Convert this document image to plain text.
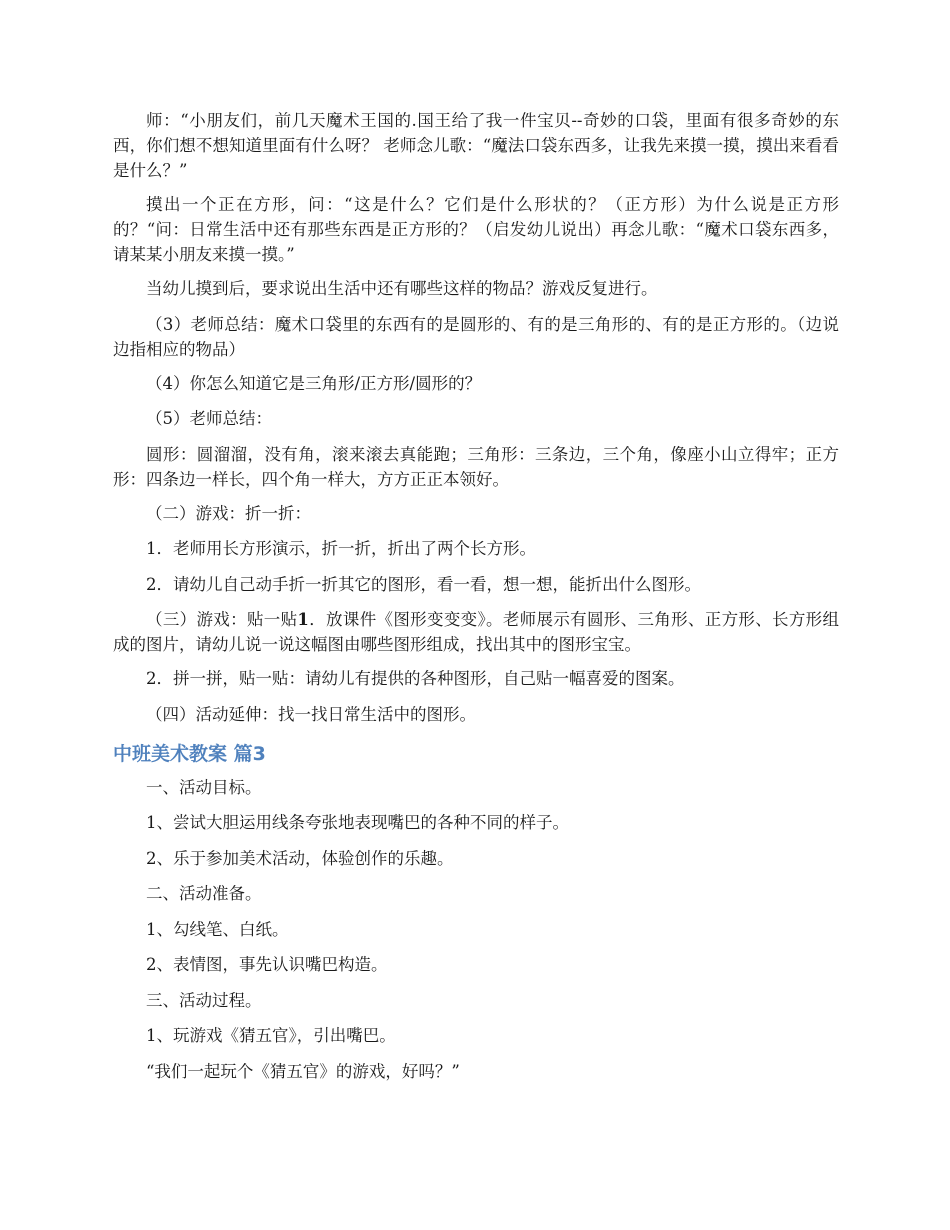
师：“小朋友们，前几天魔术王国的.国王给了我一件宝贝--奇妙的口袋，里面有很多奇妙的东西，你们想不想知道里面有什么呀？ 老师念儿歌：“魔法口袋东西多，让我先来摸一摸，摸出来看看是什么？”

摸出一个正在方形，问：“这是什么？它们是什么形状的？（正方形）为什么说是正方形的？“问：日常生活中还有那些东西是正方形的？（启发幼儿说出）再念儿歌：“魔术口袋东西多，请某某小朋友来摸一摸。”

当幼儿摸到后，要求说出生活中还有哪些这样的物品？游戏反复进行。

（3）老师总结：魔术口袋里的东西有的是圆形的、有的是三角形的、有的是正方形的。（边说边指相应的物品）

（4）你怎么知道它是三角形/正方形/圆形的？

（5）老师总结：

圆形：圆溜溜，没有角，滚来滚去真能跑；三角形：三条边，三个角，像座小山立得牢；正方形：四条边一样长，四个角一样大，方方正正本领好。

（二）游戏：折一折：

1．老师用长方形演示，折一折，折出了两个长方形。

2．请幼儿自己动手折一折其它的图形，看一看，想一想，能折出什么图形。

（三）游戏：贴一贴1．放课件《图形变变变》。老师展示有圆形、三角形、正方形、长方形组成的图片，请幼儿说一说这幅图由哪些图形组成，找出其中的图形宝宝。

2．拼一拼，贴一贴：请幼儿有提供的各种图形，自己贴一幅喜爱的图案。

（四）活动延伸：找一找日常生活中的图形。

中班美术教案 篇3

一、活动目标。

1、尝试大胆运用线条夸张地表现嘴巴的各种不同的样子。

2、乐于参加美术活动，体验创作的乐趣。

二、活动准备。

1、勾线笔、白纸。

2、表情图，事先认识嘴巴构造。

三、活动过程。

1、玩游戏《猜五官》，引出嘴巴。

“我们一起玩个《猜五官》的游戏，好吗？”
